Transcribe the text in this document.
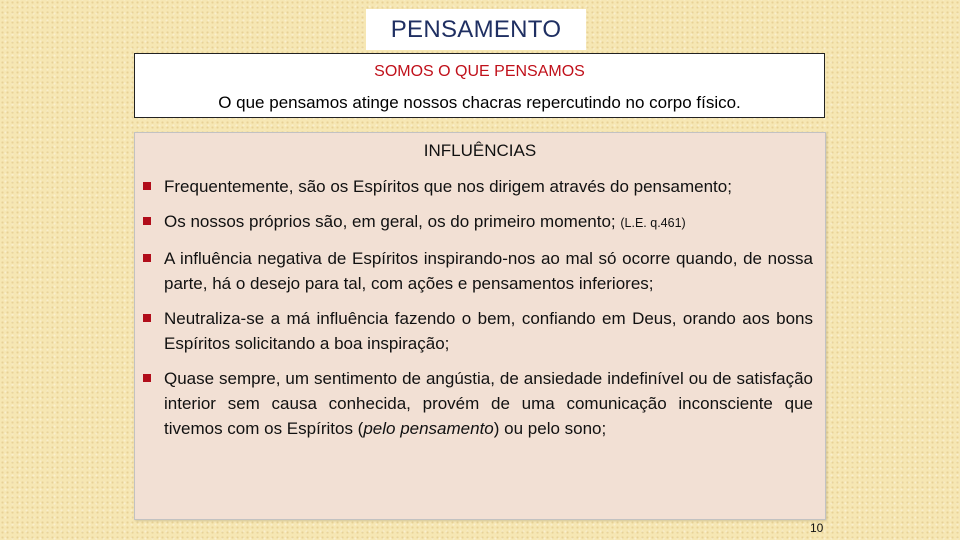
PENSAMENTO
SOMOS O QUE PENSAMOS
O que pensamos atinge nossos chacras repercutindo no corpo físico.
INFLUÊNCIAS
Frequentemente, são os Espíritos que nos dirigem através do pensamento;
Os nossos próprios são, em geral, os do primeiro momento; (L.E. q.461)
A influência negativa de Espíritos inspirando-nos ao mal só ocorre quando, de nossa parte, há o desejo para tal, com ações e pensamentos inferiores;
Neutraliza-se a má influência fazendo o bem, confiando em Deus, orando aos bons Espíritos solicitando a boa inspiração;
Quase sempre, um sentimento de angústia, de ansiedade indefinível ou de satisfação interior sem causa conhecida, provém de uma comunicação inconsciente que tivemos com os Espíritos (pelo pensamento) ou pelo sono;
10
